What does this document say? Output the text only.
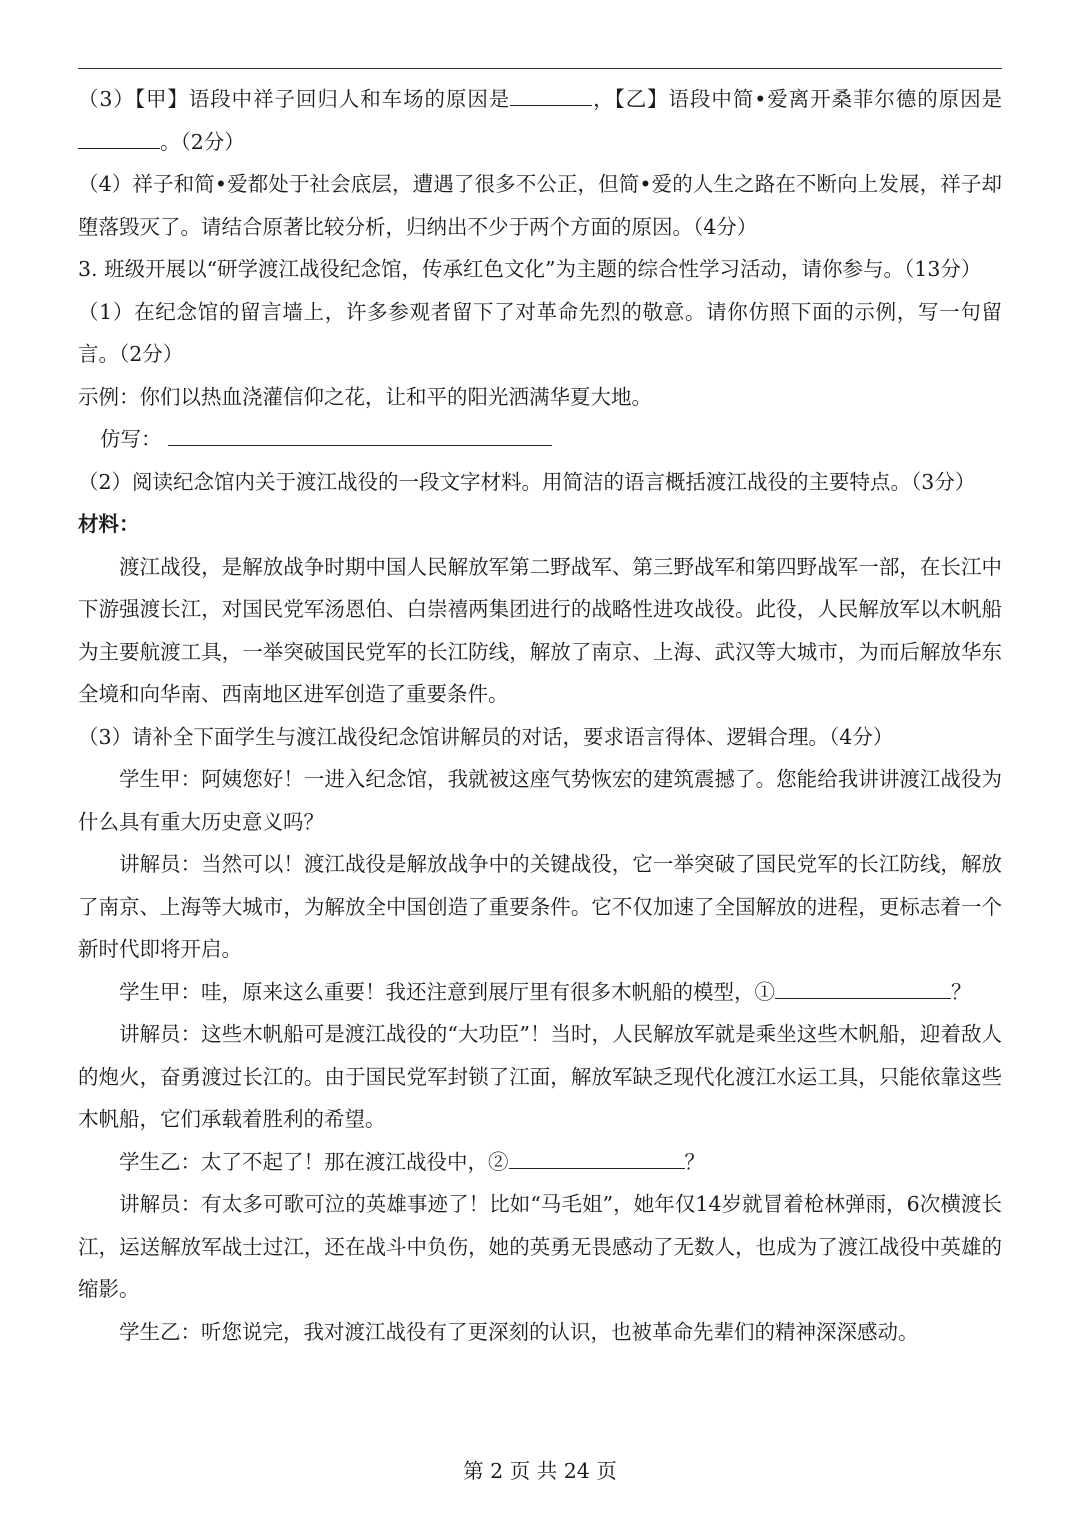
（3）【甲】语段中祥子回归人和车场的原因是	，【乙】语段中简•爱离开桑菲尔德的原因是。（2分）

（4）祥子和简•爱都处于社会底层，遭遇了很多不公正，但简•爱的人生之路在不断向上发展，祥子却堕落毁灭了。请结合原著比较分析，归纳出不少于两个方面的原因。（4分）

3. 班级开展以“研学渡江战役纪念馆，传承红色文化”为主题的综合性学习活动，请你参与。（13分）

（1）在纪念馆的留言墙上，许多参观者留下了对革命先烈的敬意。请你仿照下面的示例，写一句留言。（2分）

示例：你们以热血浇灌信仰之花，让和平的阳光洒满华夏大地。

仿写：

（2）阅读纪念馆内关于渡江战役的一段文字材料。用简洁的语言概括渡江战役的主要特点。（3分）

材料：

渡江战役，是解放战争时期中国人民解放军第二野战军、第三野战军和第四野战军一部，在长江中下游强渡长江，对国民党军汤恩伯、白崇禧两集团进行的战略性进攻战役。此役，人民解放军以木帆船为主要航渡工具，一举突破国民党军的长江防线，解放了南京、上海、武汉等大城市，为而后解放华东全境和向华南、西南地区进军创造了重要条件。

（3）请补全下面学生与渡江战役纪念馆讲解员的对话，要求语言得体、逻辑合理。（4分）

学生甲：阿姨您好！一进入纪念馆，我就被这座气势恢宏的建筑震撼了。您能给我讲讲渡江战役为什么具有重大历史意义吗？

讲解员：当然可以！渡江战役是解放战争中的关键战役，它一举突破了国民党军的长江防线，解放了南京、上海等大城市，为解放全中国创造了重要条件。它不仅加速了全国解放的进程，更标志着一个新时代即将开启。

学生甲：哇，原来这么重要！我还注意到展厅里有很多木帆船的模型，①	？

讲解员：这些木帆船可是渡江战役的“大功臣”！当时，人民解放军就是乘坐这些木帆船，迎着敌人的炮火，奋勇渡过长江的。由于国民党军封锁了江面，解放军缺乏现代化渡江水运工具，只能依靠这些木帆船，它们承载着胜利的希望。

学生乙：太了不起了！那在渡江战役中，②	？

讲解员：有太多可歌可泣的英雄事迹了！比如“马毛姐”，她年仅14岁就冒着枪林弹雨，6次横渡长江，运送解放军战士过江，还在战斗中负伤，她的英勇无畏感动了无数人，也成为了渡江战役中英雄的缩影。

学生乙：听您说完，我对渡江战役有了更深刻的认识，也被革命先辈们的精神深深感动。

第 2 页 共 24 页
